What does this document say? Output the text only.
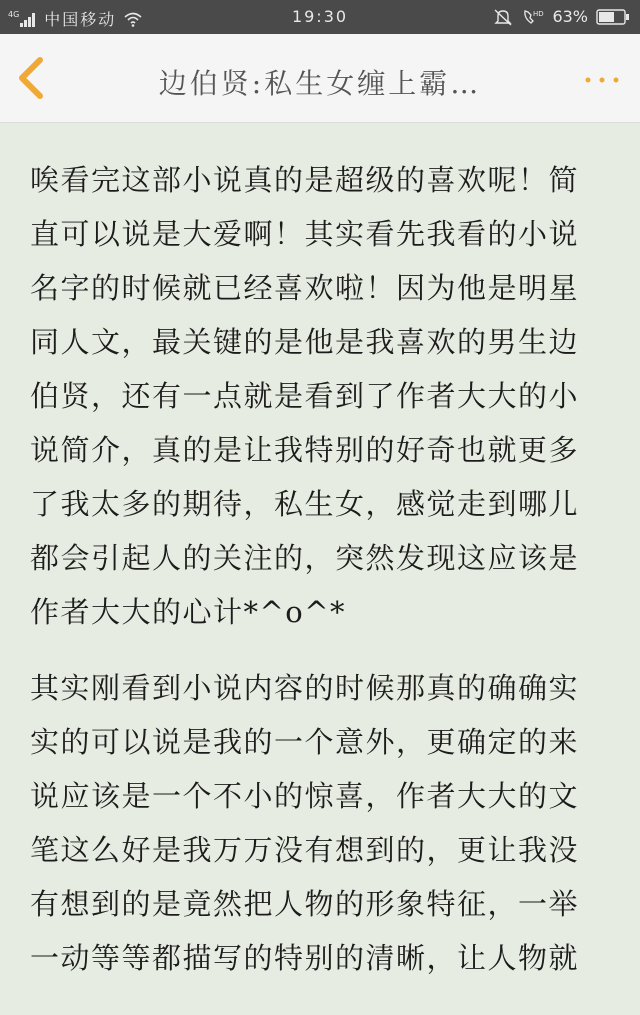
4G 中国移动	19:30	HD 63%
边伯贤:私生女缠上霸…
唉看完这部小说真的是超级的喜欢呢！简
直可以说是大爱啊！其实看先我看的小说
名字的时候就已经喜欢啦！因为他是明星
同人文，最关键的是他是我喜欢的男生边
伯贤，还有一点就是看到了作者大大的小
说简介，真的是让我特别的好奇也就更多
了我太多的期待，私生女，感觉走到哪儿
都会引起人的关注的，突然发现这应该是
作者大大的心计*^o^*
其实刚看到小说内容的时候那真的确确实
实的可以说是我的一个意外，更确定的来
说应该是一个不小的惊喜，作者大大的文
笔这么好是我万万没有想到的，更让我没
有想到的是竟然把人物的形象特征，一举
一动等等都描写的特别的清晰，让人物就
